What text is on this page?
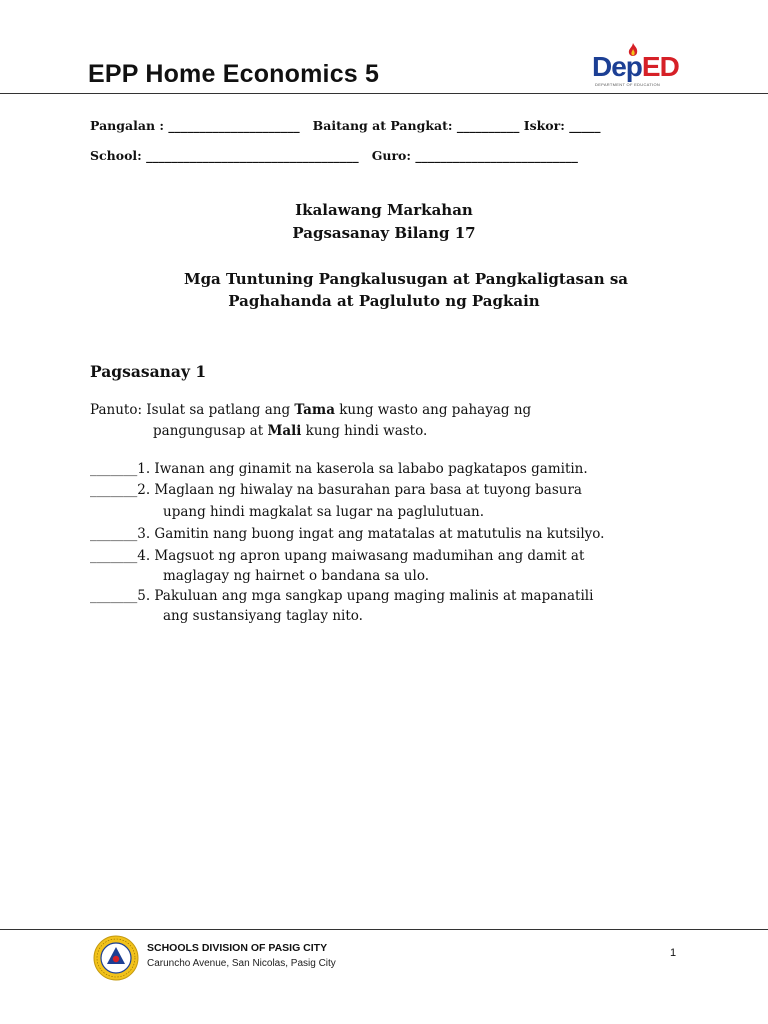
EPP Home Economics 5	DepED
DEPARTMENT OF EDUCATION
Pangalan : _____________________ Baitang at Pangkat: __________ Iskor: _____
School: __________________________________ Guro: __________________________
Ikalawang Markahan
Pagsasanay Bilang 17
Mga Tuntuning Pangkalusugan at Pangkaligtasan sa
Paghahanda at Pagluluto ng Pagkain
Pagsasanay 1
Panuto: Isulat sa patlang ang Tama kung wasto ang pahayag ng
pangungusap at Mali kung hindi wasto.
_______1. Iwanan ang ginamit na kaserola sa lababo pagkatapos gamitin.
_______2. Maglaan ng hiwalay na basurahan para basa at tuyong basura
upang hindi magkalat sa lugar na paglulutuan.
_______3. Gamitin nang buong ingat ang matatalas at matutulis na kutsilyo.
_______4. Magsuot ng apron upang maiwasang madumihan ang damit at
maglagay ng hairnet o bandana sa ulo.
_______5. Pakuluan ang mga sangkap upang maging malinis at mapanatili
ang sustansiyang taglay nito.
SCHOOLS DIVISION OF PASIG CITY
Caruncho Avenue, San Nicolas, Pasig City
1
